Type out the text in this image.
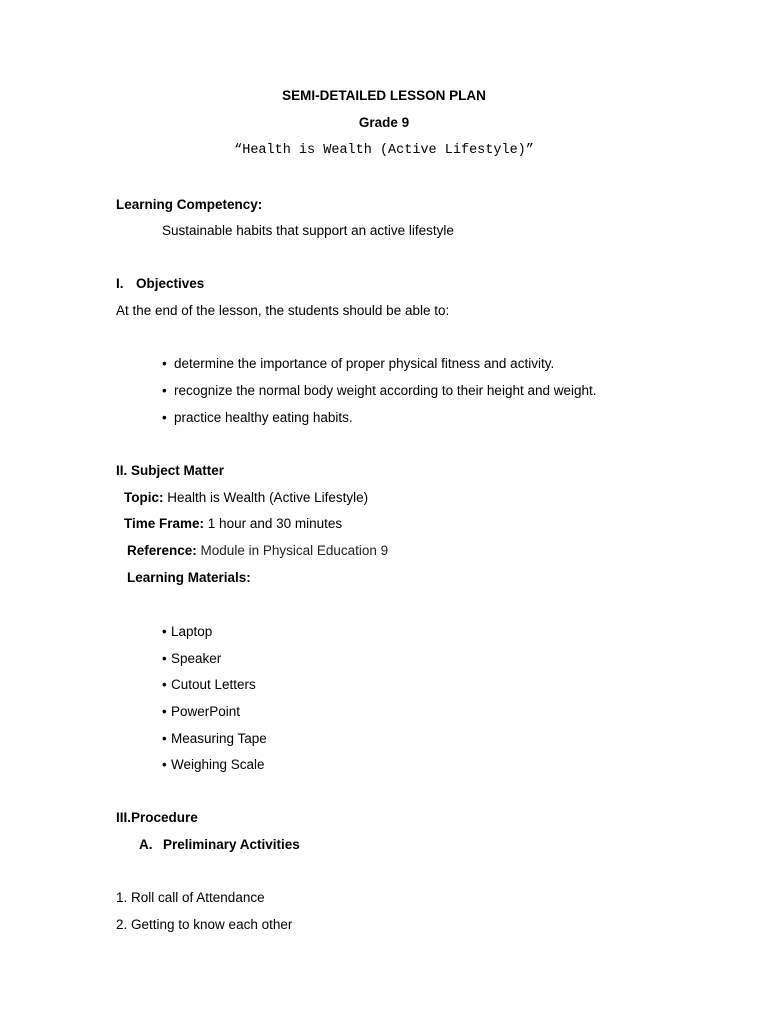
SEMI-DETAILED LESSON PLAN
Grade 9
“Health is Wealth (Active Lifestyle)”
Learning Competency:
Sustainable habits that support an active lifestyle
I. Objectives
At the end of the lesson, the students should be able to:
• determine the importance of proper physical fitness and activity.
• recognize the normal body weight according to their height and weight.
• practice healthy eating habits.
II. Subject Matter
Topic: Health is Wealth (Active Lifestyle)
Time Frame: 1 hour and 30 minutes
Reference: Module in Physical Education 9
Learning Materials:
• Laptop
• Speaker
• Cutout Letters
• PowerPoint
• Measuring Tape
• Weighing Scale
III.Procedure
A. Preliminary Activities
1. Roll call of Attendance
2. Getting to know each other
